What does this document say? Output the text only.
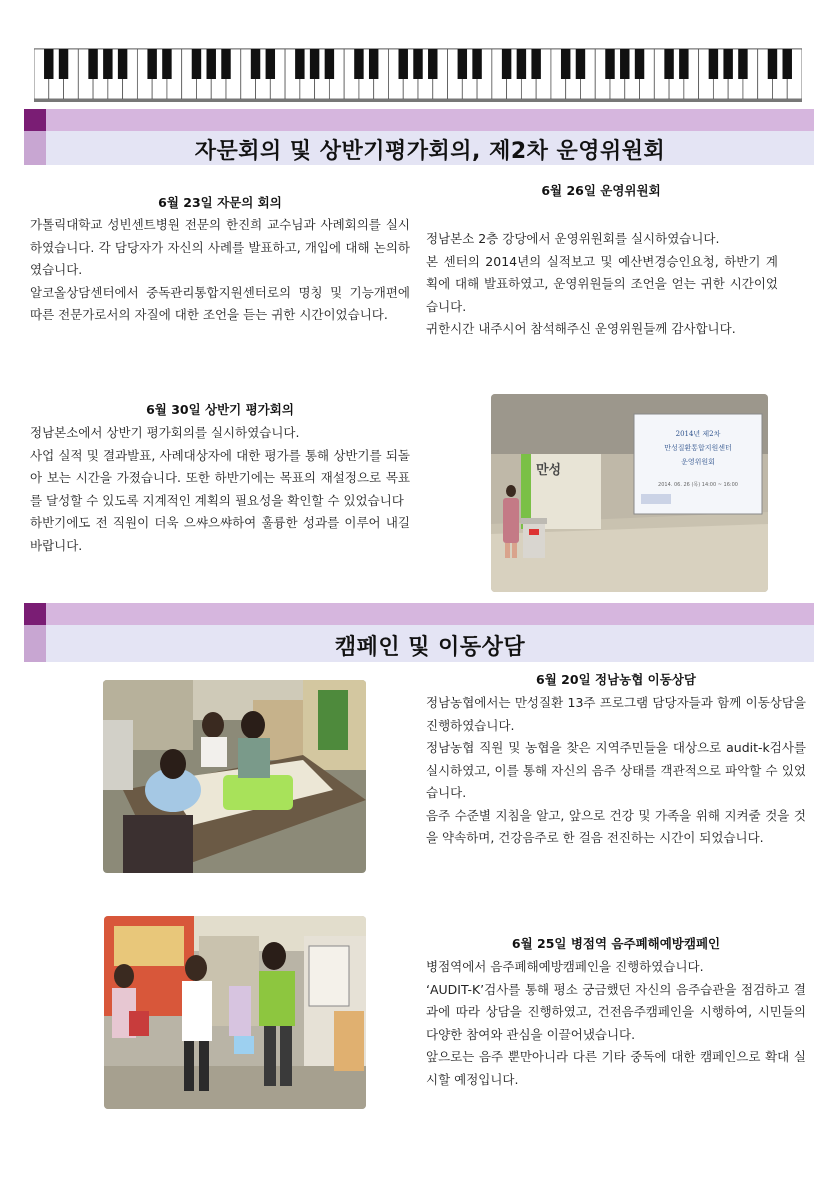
자문회의 및 상반기평가회의, 제2차 운영위원회
6월 23일 자문의 회의

가톨릭대학교 성빈센트병원 전문의 한진희 교수님과 사례회의를 실시하였습니다. 각 담당자가 자신의 사례를 발표하고, 개입에 대해 논의하였습니다.

알코올상담센터에서 중독관리통합지원센터로의 명칭 및 기능개편에 따른 전문가로서의 자질에 대한 조언을 듣는 귀한 시간이었습니다.

6월 26일 운영위원회

정남본소 2층 강당에서 운영위원회를 실시하였습니다.

본 센터의 2014년의 실적보고 및 예산변경승인요청, 하반기 계획에 대해 발표하였고, 운영위원들의 조언을 얻는 귀한 시간이었습니다.

귀한시간 내주시어 참석해주신 운영위원들께 감사합니다.

6월 30일 상반기 평가회의

정남본소에서 상반기 평가회의를 실시하였습니다.

사업 실적 및 결과발표, 사례대상자에 대한 평가를 통해 상반기를 되돌아 보는 시간을 가졌습니다. 또한 하반기에는 목표의 재설정으로 목표를 달성할 수 있도록 지계적인 계획의 필요성을 확인할 수 있었습니다

하반기에도 전 직원이 더욱 으쌰으쌰하여 훌륭한 성과를 이루어 내길 바랍니다.

만성
2014년 제2차
만성질환통합지원센터
운영위원회
2014. 06. 26 (목) 14:00 ~ 16:00
캠페인 및 이동상담
6월 20일 정남농협 이동상담

정남농협에서는 만성질환 13주 프로그램 담당자들과 함께 이동상담을 진행하였습니다.

정남농협 직원 및 농협을 찾은 지역주민들을 대상으로 audit-k검사를 실시하였고, 이를 통해 자신의 음주 상태를 객관적으로 파악할 수 있었습니다.

음주 수준별 지침을 알고, 앞으로 건강 및 가족을 위해 지켜줄 것을 것을 약속하며, 건강음주로 한 걸음 전진하는 시간이 되었습니다.

6월 25일 병점역 음주폐해예방캠페인

병점역에서 음주폐해예방캠페인을 진행하였습니다.

‘AUDIT-K’검사를 통해 평소 궁금했던 자신의 음주습관을 점검하고 결과에 따라 상담을 진행하였고, 건전음주캠페인을 시행하여, 시민들의 다양한 참여와 관심을 이끌어냈습니다.

앞으로는 음주 뿐만아니라 다른 기타 중독에 대한 캠페인으로 확대 실시할 예정입니다.
